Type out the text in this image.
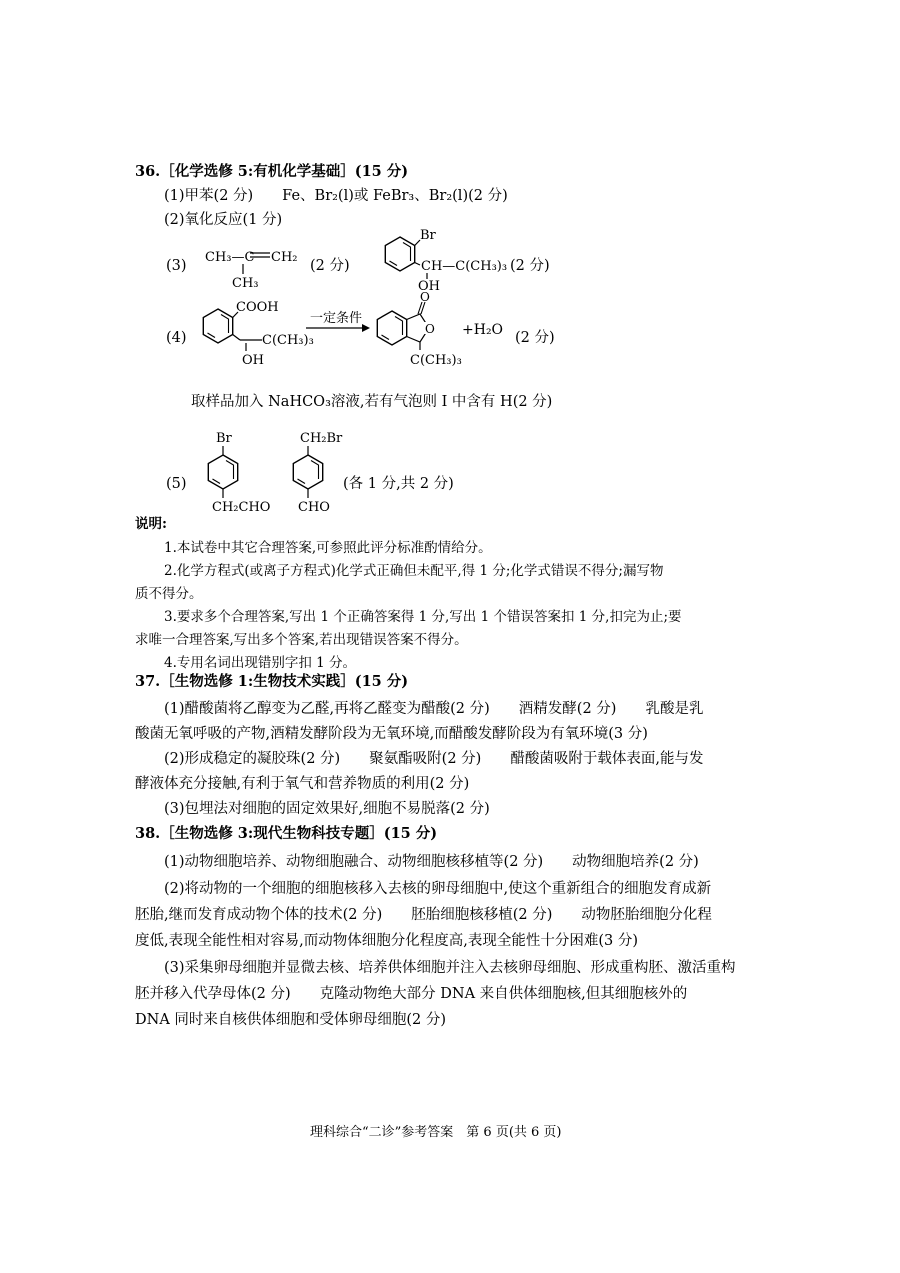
36.［化学选修 5:有机化学基础］(15 分)
(1)甲苯(2 分)　　Fe、Br₂(l)或 FeBr₃、Br₂(l)(2 分)
(2)氧化反应(1 分)
(3)
CH₃—C CH₂
CH₃
(2 分)
Br
CH—C(CH₃)₃
OH
(2 分)
(4)
COOH
C(CH₃)₃
OH
一定条件
O
O
C(CH₃)₃
+H₂O (2 分)
取样品加入 NaHCO₃溶液,若有气泡则 I 中含有 H(2 分)
(5)
Br
CH₂CHO
CH₂Br
CHO
(各 1 分,共 2 分)
说明:
1.本试卷中其它合理答案,可参照此评分标准酌情给分。
2.化学方程式(或离子方程式)化学式正确但未配平,得 1 分;化学式错误不得分;漏写物
质不得分。
3.要求多个合理答案,写出 1 个正确答案得 1 分,写出 1 个错误答案扣 1 分,扣完为止;要
求唯一合理答案,写出多个答案,若出现错误答案不得分。
4.专用名词出现错别字扣 1 分。
37.［生物选修 1:生物技术实践］(15 分)
(1)醋酸菌将乙醇变为乙醛,再将乙醛变为醋酸(2 分)　　酒精发酵(2 分)　　乳酸是乳
酸菌无氧呼吸的产物,酒精发酵阶段为无氧环境,而醋酸发酵阶段为有氧环境(3 分)
(2)形成稳定的凝胶珠(2 分)　　聚氨酯吸附(2 分)　　醋酸菌吸附于载体表面,能与发
酵液体充分接触,有利于氧气和营养物质的利用(2 分)
(3)包埋法对细胞的固定效果好,细胞不易脱落(2 分)
38.［生物选修 3:现代生物科技专题］(15 分)
(1)动物细胞培养、动物细胞融合、动物细胞核移植等(2 分)　　动物细胞培养(2 分)
(2)将动物的一个细胞的细胞核移入去核的卵母细胞中,使这个重新组合的细胞发育成新
胚胎,继而发育成动物个体的技术(2 分)　　胚胎细胞核移植(2 分)　　动物胚胎细胞分化程
度低,表现全能性相对容易,而动物体细胞分化程度高,表现全能性十分困难(3 分)
(3)采集卵母细胞并显微去核、培养供体细胞并注入去核卵母细胞、形成重构胚、激活重构
胚并移入代孕母体(2 分)　　克隆动物绝大部分 DNA 来自供体细胞核,但其细胞核外的
DNA 同时来自核供体细胞和受体卵母细胞(2 分)
理科综合“二诊”参考答案　第 6 页(共 6 页)
